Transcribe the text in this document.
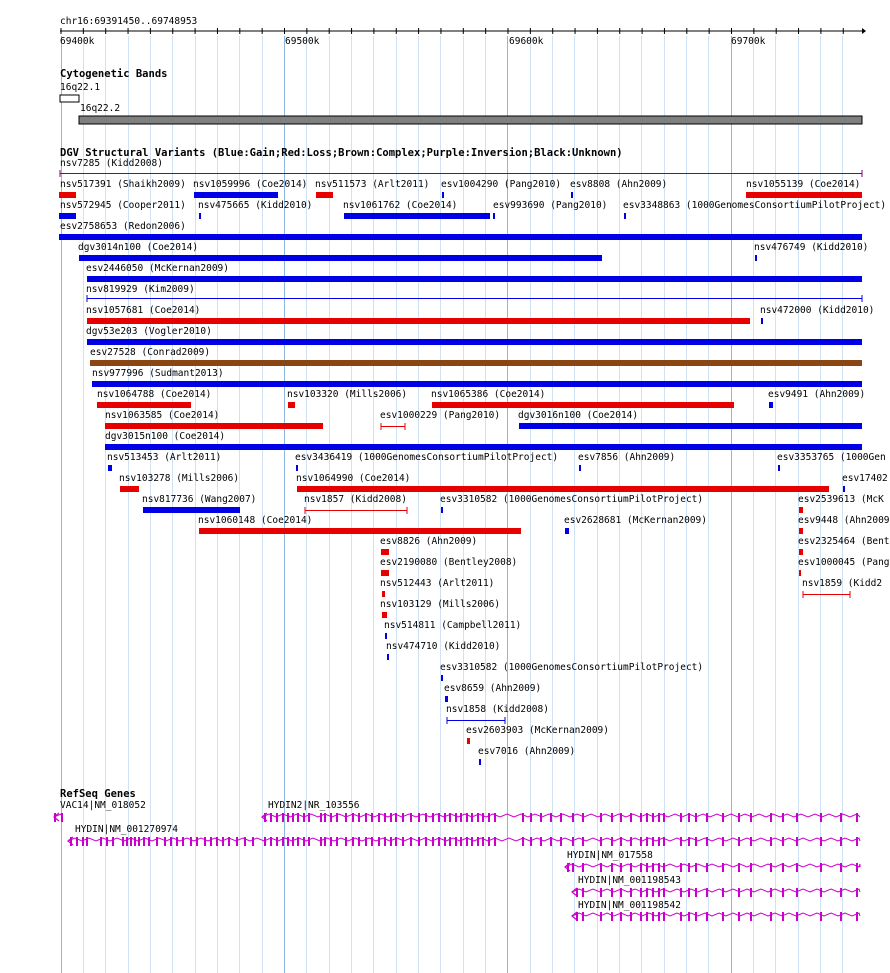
chr16:69391450..69748953
69400k	69500k	69600k	69700k
Cytogenetic Bands
16q22.1
16q22.2
DGV Structural Variants (Blue:Gain;Red:Loss;Brown:Complex;Purple:Inversion;Black:Unknown)
nsv7285 (Kidd2008)
nsv517391 (Shaikh2009) nsv1059996 (Coe2014) nsv511573 (Arlt2011) esv1004290 (Pang2010) esv8808 (Ahn2009)	nsv1055139 (Coe2014)
nsv572945 (Cooper2011) nsv475665 (Kidd2010)	nsv1061762 (Coe2014)	esv993690 (Pang2010) esv3348863 (1000GenomesConsortiumPilotProject)
esv2758653 (Redon2006)
dgv3014n100 (Coe2014)	nsv476749 (Kidd2010)
esv2446050 (McKernan2009)
nsv819929 (Kim2009)
nsv1057681 (Coe2014)	nsv472000 (Kidd2010)
dgv53e203 (Vogler2010)
esv27528 (Conrad2009)
nsv977996 (Sudmant2013)
nsv1064788 (Coe2014)	nsv103320 (Mills2006)	nsv1065386 (Coe2014)	esv9491 (Ahn2009)
nsv1063585 (Coe2014)	esv1000229 (Pang2010) dgv3016n100 (Coe2014)
dgv3015n100 (Coe2014)
nsv513453 (Arlt2011)	esv3436419 (1000GenomesConsortiumPilotProject) esv7856 (Ahn2009)	esv3353765 (1000Gen
nsv103278 (Mills2006)	nsv1064990 (Coe2014)	esv17402
nsv817736 (Wang2007)	nsv1857 (Kidd2008)	esv3310582 (1000GenomesConsortiumPilotProject)	esv2539613 (McK
nsv1060148 (Coe2014)	esv2628681 (McKernan2009)	esv9448 (Ahn2009
esv8826 (Ahn2009)	esv2325464 (Bent
esv2190080 (Bentley2008)	esv1000045 (Pang
nsv512443 (Arlt2011)	nsv1859 (Kidd2
nsv103129 (Mills2006)
nsv514811 (Campbell2011)
nsv474710 (Kidd2010)
esv3310582 (1000GenomesConsortiumPilotProject)
esv8659 (Ahn2009)
nsv1858 (Kidd2008)
esv2603903 (McKernan2009)
esv7016 (Ahn2009)
RefSeq Genes
VAC14|NM_018052	HYDIN2|NR_103556
HYDIN|NM_001270974
HYDIN|NM_017558
HYDIN|NM_001198543
HYDIN|NM_001198542
